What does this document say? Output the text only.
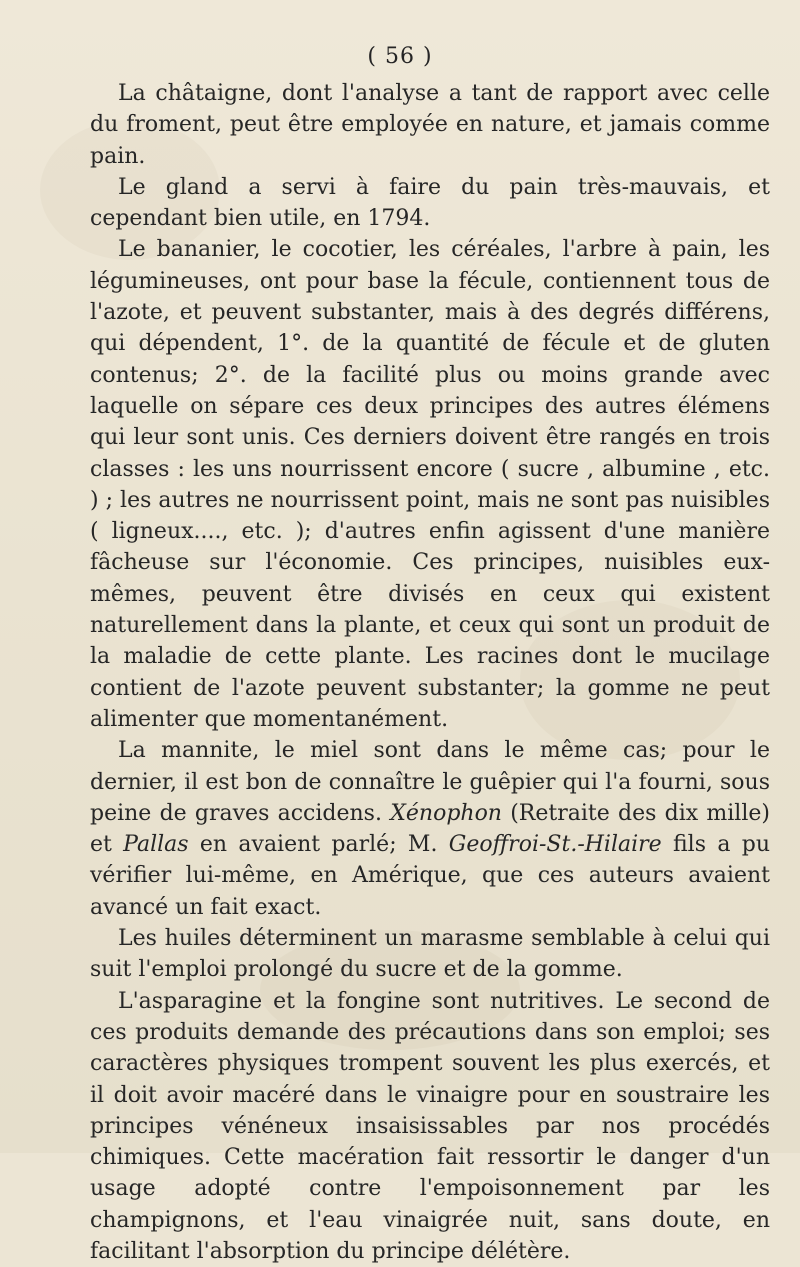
( 56 )

La châtaigne, dont l'analyse a tant de rapport avec celle du froment, peut être employée en nature, et jamais comme pain.

Le gland a servi à faire du pain très-mauvais, et cependant bien utile, en 1794.

Le bananier, le cocotier, les céréales, l'arbre à pain, les légumineuses, ont pour base la fécule, contiennent tous de l'azote, et peuvent substanter, mais à des degrés différens, qui dépendent, 1°. de la quantité de fécule et de gluten contenus; 2°. de la facilité plus ou moins grande avec laquelle on sépare ces deux principes des autres élémens qui leur sont unis. Ces derniers doivent être rangés en trois classes : les uns nourrissent encore ( sucre , albumine , etc. ) ; les autres ne nourrissent point, mais ne sont pas nuisibles ( ligneux...., etc. ); d'autres enfin agissent d'une manière fâcheuse sur l'économie. Ces principes, nuisibles eux-mêmes, peuvent être divisés en ceux qui existent naturellement dans la plante, et ceux qui sont un produit de la maladie de cette plante. Les racines dont le mucilage contient de l'azote peuvent substanter; la gomme ne peut alimenter que momentanément.

La mannite, le miel sont dans le même cas; pour le dernier, il est bon de connaître le guêpier qui l'a fourni, sous peine de graves accidens. Xénophon (Retraite des dix mille) et Pallas en avaient parlé; M. Geoffroi-St.-Hilaire fils a pu vérifier lui-même, en Amérique, que ces auteurs avaient avancé un fait exact.

Les huiles déterminent un marasme semblable à celui qui suit l'emploi prolongé du sucre et de la gomme.

L'asparagine et la fongine sont nutritives. Le second de ces produits demande des précautions dans son emploi; ses caractères physiques trompent souvent les plus exercés, et il doit avoir macéré dans le vinaigre pour en soustraire les principes vénéneux insaisissables par nos procédés chimiques. Cette macération fait ressortir le danger d'un usage adopté contre l'empoisonnement par les champignons, et l'eau vinaigrée nuit, sans doute, en facilitant l'absorption du principe délétère.
